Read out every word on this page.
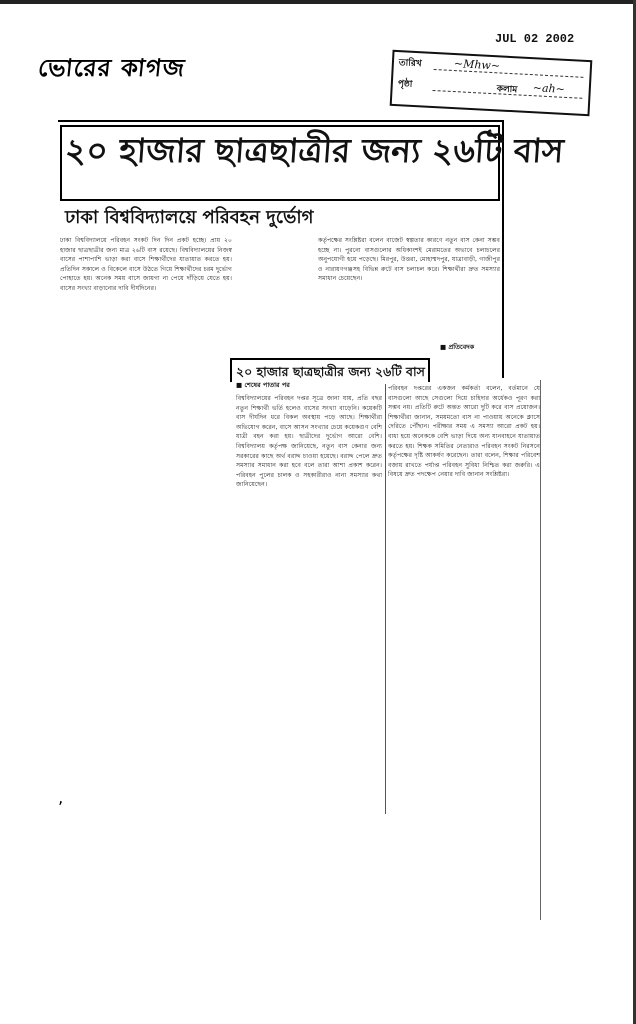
ভোরের কাগজ
JUL 02 2002
তারিখ	~Mhw~
পৃষ্ঠা	কলাম ~ah~
২০ হাজার ছাত্রছাত্রীর জন্য ২৬টি বাস
ঢাকা বিশ্ববিদ্যালয়ে পরিবহন দুর্ভোগ
ঢাকা বিশ্ববিদ্যালয়ে পরিবহন সংকট দিন দিন প্রকট হচ্ছে। প্রায় ২০ হাজার ছাত্রছাত্রীর জন্য মাত্র ২৬টি বাস রয়েছে। বিশ্ববিদ্যালয়ের নিজস্ব বাসের পাশাপাশি ভাড়া করা বাসে শিক্ষার্থীদের যাতায়াত করতে হয়। প্রতিদিন সকালে ও বিকেলে বাসে উঠতে গিয়ে শিক্ষার্থীদের চরম দুর্ভোগ পোহাতে হয়। অনেক সময় বাসে জায়গা না পেয়ে দাঁড়িয়ে যেতে হয়। বাসের সংখ্যা বাড়ানোর দাবি দীর্ঘদিনের।
কর্তৃপক্ষের সংশ্লিষ্টরা বলেন বাজেট স্বল্পতার কারণে নতুন বাস কেনা সম্ভব হচ্ছে না। পুরনো বাসগুলোর অধিকাংশই মেরামতের অভাবে চলাচলের অনুপযোগী হয়ে পড়েছে। মিরপুর, উত্তরা, মোহাম্মদপুর, যাত্রাবাড়ী, গাজীপুর ও নারায়ণগঞ্জসহ বিভিন্ন রুটে বাস চলাচল করে। শিক্ষার্থীরা দ্রুত সমস্যার সমাধান চেয়েছেন।
■ প্রতিবেদক
২০ হাজার ছাত্রছাত্রীর জন্য ২৬টি বাস
■ শেষের পাতার পর
বিশ্ববিদ্যালয়ের পরিবহন দপ্তর সূত্রে জানা যায়, প্রতি বছর নতুন শিক্ষার্থী ভর্তি হলেও বাসের সংখ্যা বাড়েনি। কয়েকটি বাস দীর্ঘদিন ধরে বিকল অবস্থায় পড়ে আছে। শিক্ষার্থীরা অভিযোগ করেন, বাসে আসন সংখ্যার চেয়ে কয়েকগুণ বেশি যাত্রী বহন করা হয়। ছাত্রীদের দুর্ভোগ আরো বেশি। বিশ্ববিদ্যালয় কর্তৃপক্ষ জানিয়েছে, নতুন বাস কেনার জন্য সরকারের কাছে অর্থ বরাদ্দ চাওয়া হয়েছে। বরাদ্দ পেলে দ্রুত সমস্যার সমাধান করা হবে বলে তারা আশা প্রকাশ করেন। পরিবহন পুলের চালক ও সহকারীরাও নানা সমস্যার কথা জানিয়েছেন।
পরিবহন দপ্তরের একজন কর্মকর্তা বলেন, বর্তমানে যে বাসগুলো আছে সেগুলো দিয়ে চাহিদার অর্ধেকও পূরণ করা সম্ভব নয়। প্রতিটি রুটে অন্তত আরো দুটি করে বাস প্রয়োজন। শিক্ষার্থীরা জানান, সময়মতো বাস না পাওয়ায় অনেকে ক্লাসে দেরিতে পৌঁছান। পরীক্ষার সময় এ সমস্যা আরো প্রকট হয়। বাধ্য হয়ে অনেককে বেশি ভাড়া দিয়ে অন্য যানবাহনে যাতায়াত করতে হয়। শিক্ষক সমিতির নেতারাও পরিবহন সংকট নিরসনে কর্তৃপক্ষের দৃষ্টি আকর্ষণ করেছেন। তারা বলেন, শিক্ষার পরিবেশ বজায় রাখতে পর্যাপ্ত পরিবহন সুবিধা নিশ্চিত করা জরুরি। এ বিষয়ে দ্রুত পদক্ষেপ নেয়ার দাবি জানান সংশ্লিষ্টরা।
‚
